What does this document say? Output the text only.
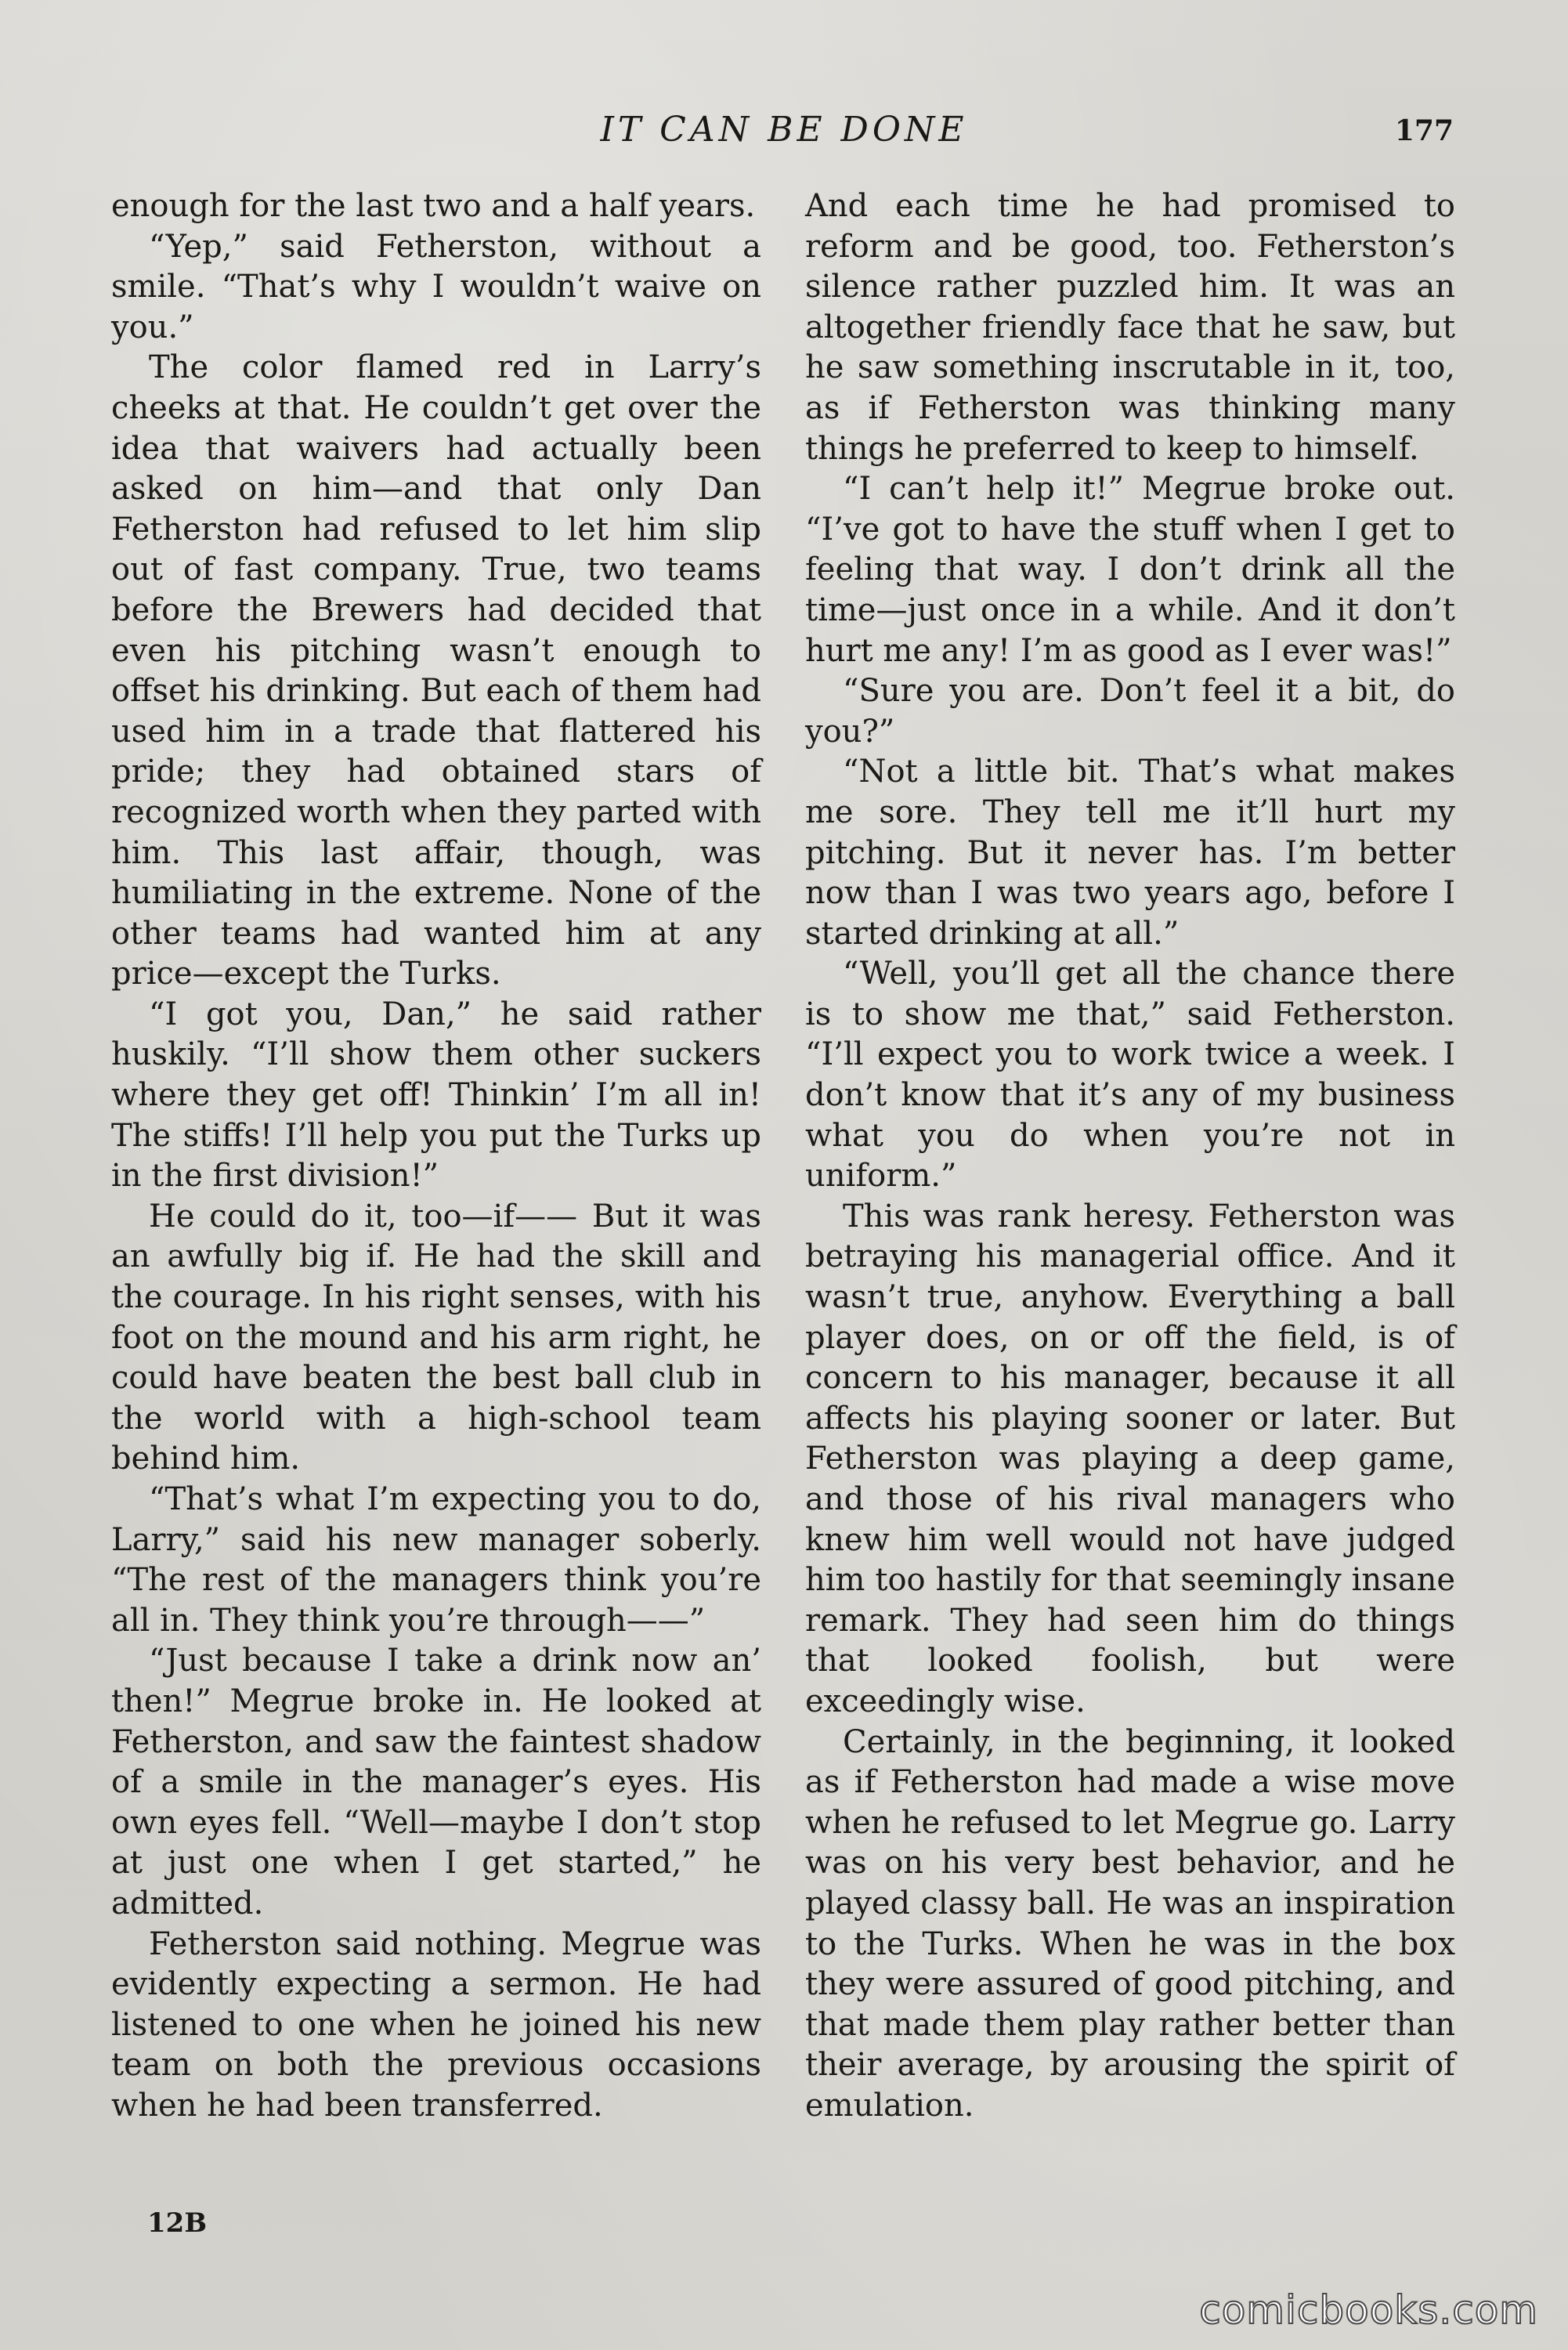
IT CAN BE DONE	177

enough for the last two and a half years.

“Yep,” said Fetherston, without a smile. “That’s why I wouldn’t waive on you.”

The color flamed red in Larry’s cheeks at that. He couldn’t get over the idea that waivers had actually been asked on him—and that only Dan Fetherston had refused to let him slip out of fast company. True, two teams before the Brewers had decided that even his pitching wasn’t enough to offset his drinking. But each of them had used him in a trade that flattered his pride; they had obtained stars of recognized worth when they parted with him. This last affair, though, was humiliating in the extreme. None of the other teams had wanted him at any price—except the Turks.

“I got you, Dan,” he said rather huskily. “I’ll show them other suckers where they get off! Thinkin’ I’m all in! The stiffs! I’ll help you put the Turks up in the first division!”

He could do it, too—if—— But it was an awfully big if. He had the skill and the courage. In his right senses, with his foot on the mound and his arm right, he could have beaten the best ball club in the world with a high-school team behind him.

“That’s what I’m expecting you to do, Larry,” said his new manager soberly. “The rest of the managers think you’re all in. They think you’re through——”

“Just because I take a drink now an’ then!” Megrue broke in. He looked at Fetherston, and saw the faintest shadow of a smile in the manager’s eyes. His own eyes fell. “Well—maybe I don’t stop at just one when I get started,” he admitted.

Fetherston said nothing. Megrue was evidently expecting a sermon. He had listened to one when he joined his new team on both the previous occasions when he had been transferred.

And each time he had promised to reform and be good, too. Fetherston’s silence rather puzzled him. It was an altogether friendly face that he saw, but he saw something inscrutable in it, too, as if Fetherston was thinking many things he preferred to keep to himself.

“I can’t help it!” Megrue broke out. “I’ve got to have the stuff when I get to feeling that way. I don’t drink all the time—just once in a while. And it don’t hurt me any! I’m as good as I ever was!”

“Sure you are. Don’t feel it a bit, do you?”

“Not a little bit. That’s what makes me sore. They tell me it’ll hurt my pitching. But it never has. I’m better now than I was two years ago, before I started drinking at all.”

“Well, you’ll get all the chance there is to show me that,” said Fetherston. “I’ll expect you to work twice a week. I don’t know that it’s any of my business what you do when you’re not in uniform.”

This was rank heresy. Fetherston was betraying his managerial office. And it wasn’t true, anyhow. Everything a ball player does, on or off the field, is of concern to his manager, because it all affects his playing sooner or later. But Fetherston was playing a deep game, and those of his rival managers who knew him well would not have judged him too hastily for that seemingly insane remark. They had seen him do things that looked foolish, but were exceedingly wise.

Certainly, in the beginning, it looked as if Fetherston had made a wise move when he refused to let Megrue go. Larry was on his very best behavior, and he played classy ball. He was an inspiration to the Turks. When he was in the box they were assured of good pitching, and that made them play rather better than their average, by arousing the spirit of emulation.

12B
comicbooks.com
